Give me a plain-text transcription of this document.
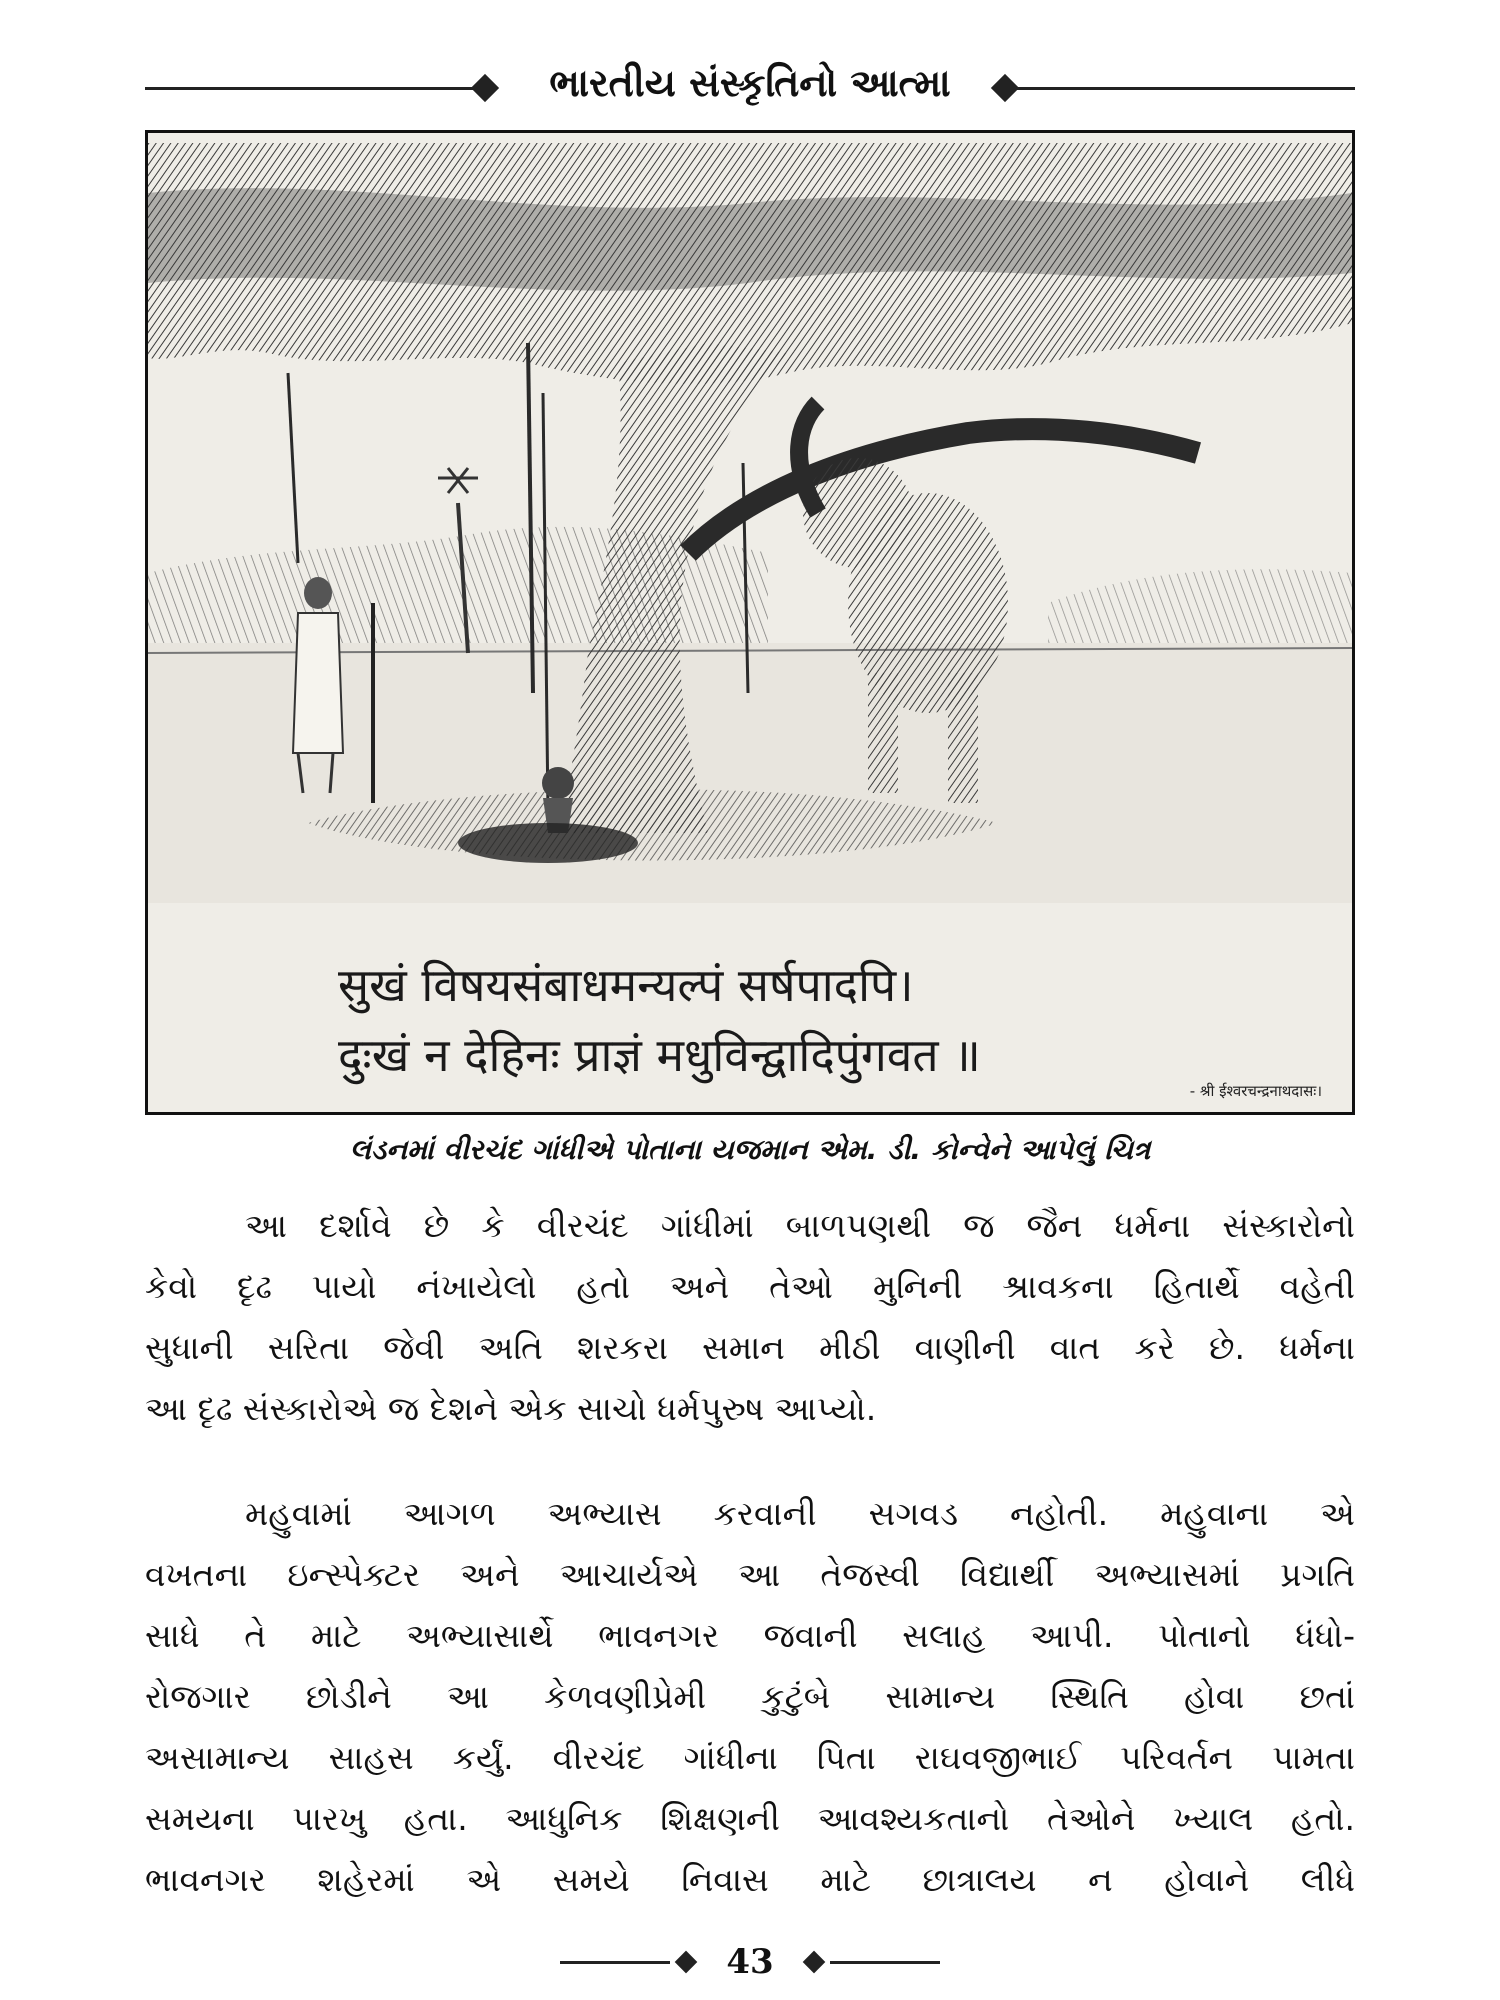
ભારતીય સંસ્કૃતિનો આત્મા
सुखं विषयसंबाधमन्यल्पं सर्षपादपि।
दुःखं न देहिनः प्राज्ञं मधुविन्द्वादिपुंगवत ॥
- श्री ईश्वरचन्द्रनाथदासः।
લંડનમાં વીરચંદ ગાંધીએ પોતાના યજમાન એમ. ડી. કોન્વેને આપેલું ચિત્ર
આ દર્શાવે છે કે વીરચંદ ગાંધીમાં બાળપણથી જ જૈન ધર્મના સંસ્કારોનો
કેવો દૃઢ પાયો નંખાયેલો હતો અને તેઓ મુનિની શ્રાવકના હિતાર્થે વહેતી
સુધાની સરિતા જેવી અતિ શરકરા સમાન મીઠી વાણીની વાત કરે છે. ધર્મના
આ દૃઢ સંસ્કારોએ જ દેશને એક સાચો ધર્મપુરુષ આપ્યો.
મહુવામાં આગળ અભ્યાસ કરવાની સગવડ નહોતી. મહુવાના એ
વખતના ઇન્સ્પેક્ટર અને આચાર્યએ આ તેજસ્વી વિદ્યાર્થી અભ્યાસમાં પ્રગતિ
સાધે તે માટે અભ્યાસાર્થે ભાવનગર જવાની સલાહ આપી. પોતાનો ધંધો-
રોજગાર છોડીને આ કેળવણીપ્રેમી કુટુંબે સામાન્ય સ્થિતિ હોવા છતાં
અસામાન્ય સાહસ કર્યું. વીરચંદ ગાંધીના પિતા રાઘવજીભાઈ પરિવર્તન પામતા
સમયના પારખુ હતા. આધુનિક શિક્ષણની આવશ્યકતાનો તેઓને ખ્યાલ હતો.
ભાવનગર શહેરમાં એ સમયે નિવાસ માટે છાત્રાલય ન હોવાને લીધે
43
